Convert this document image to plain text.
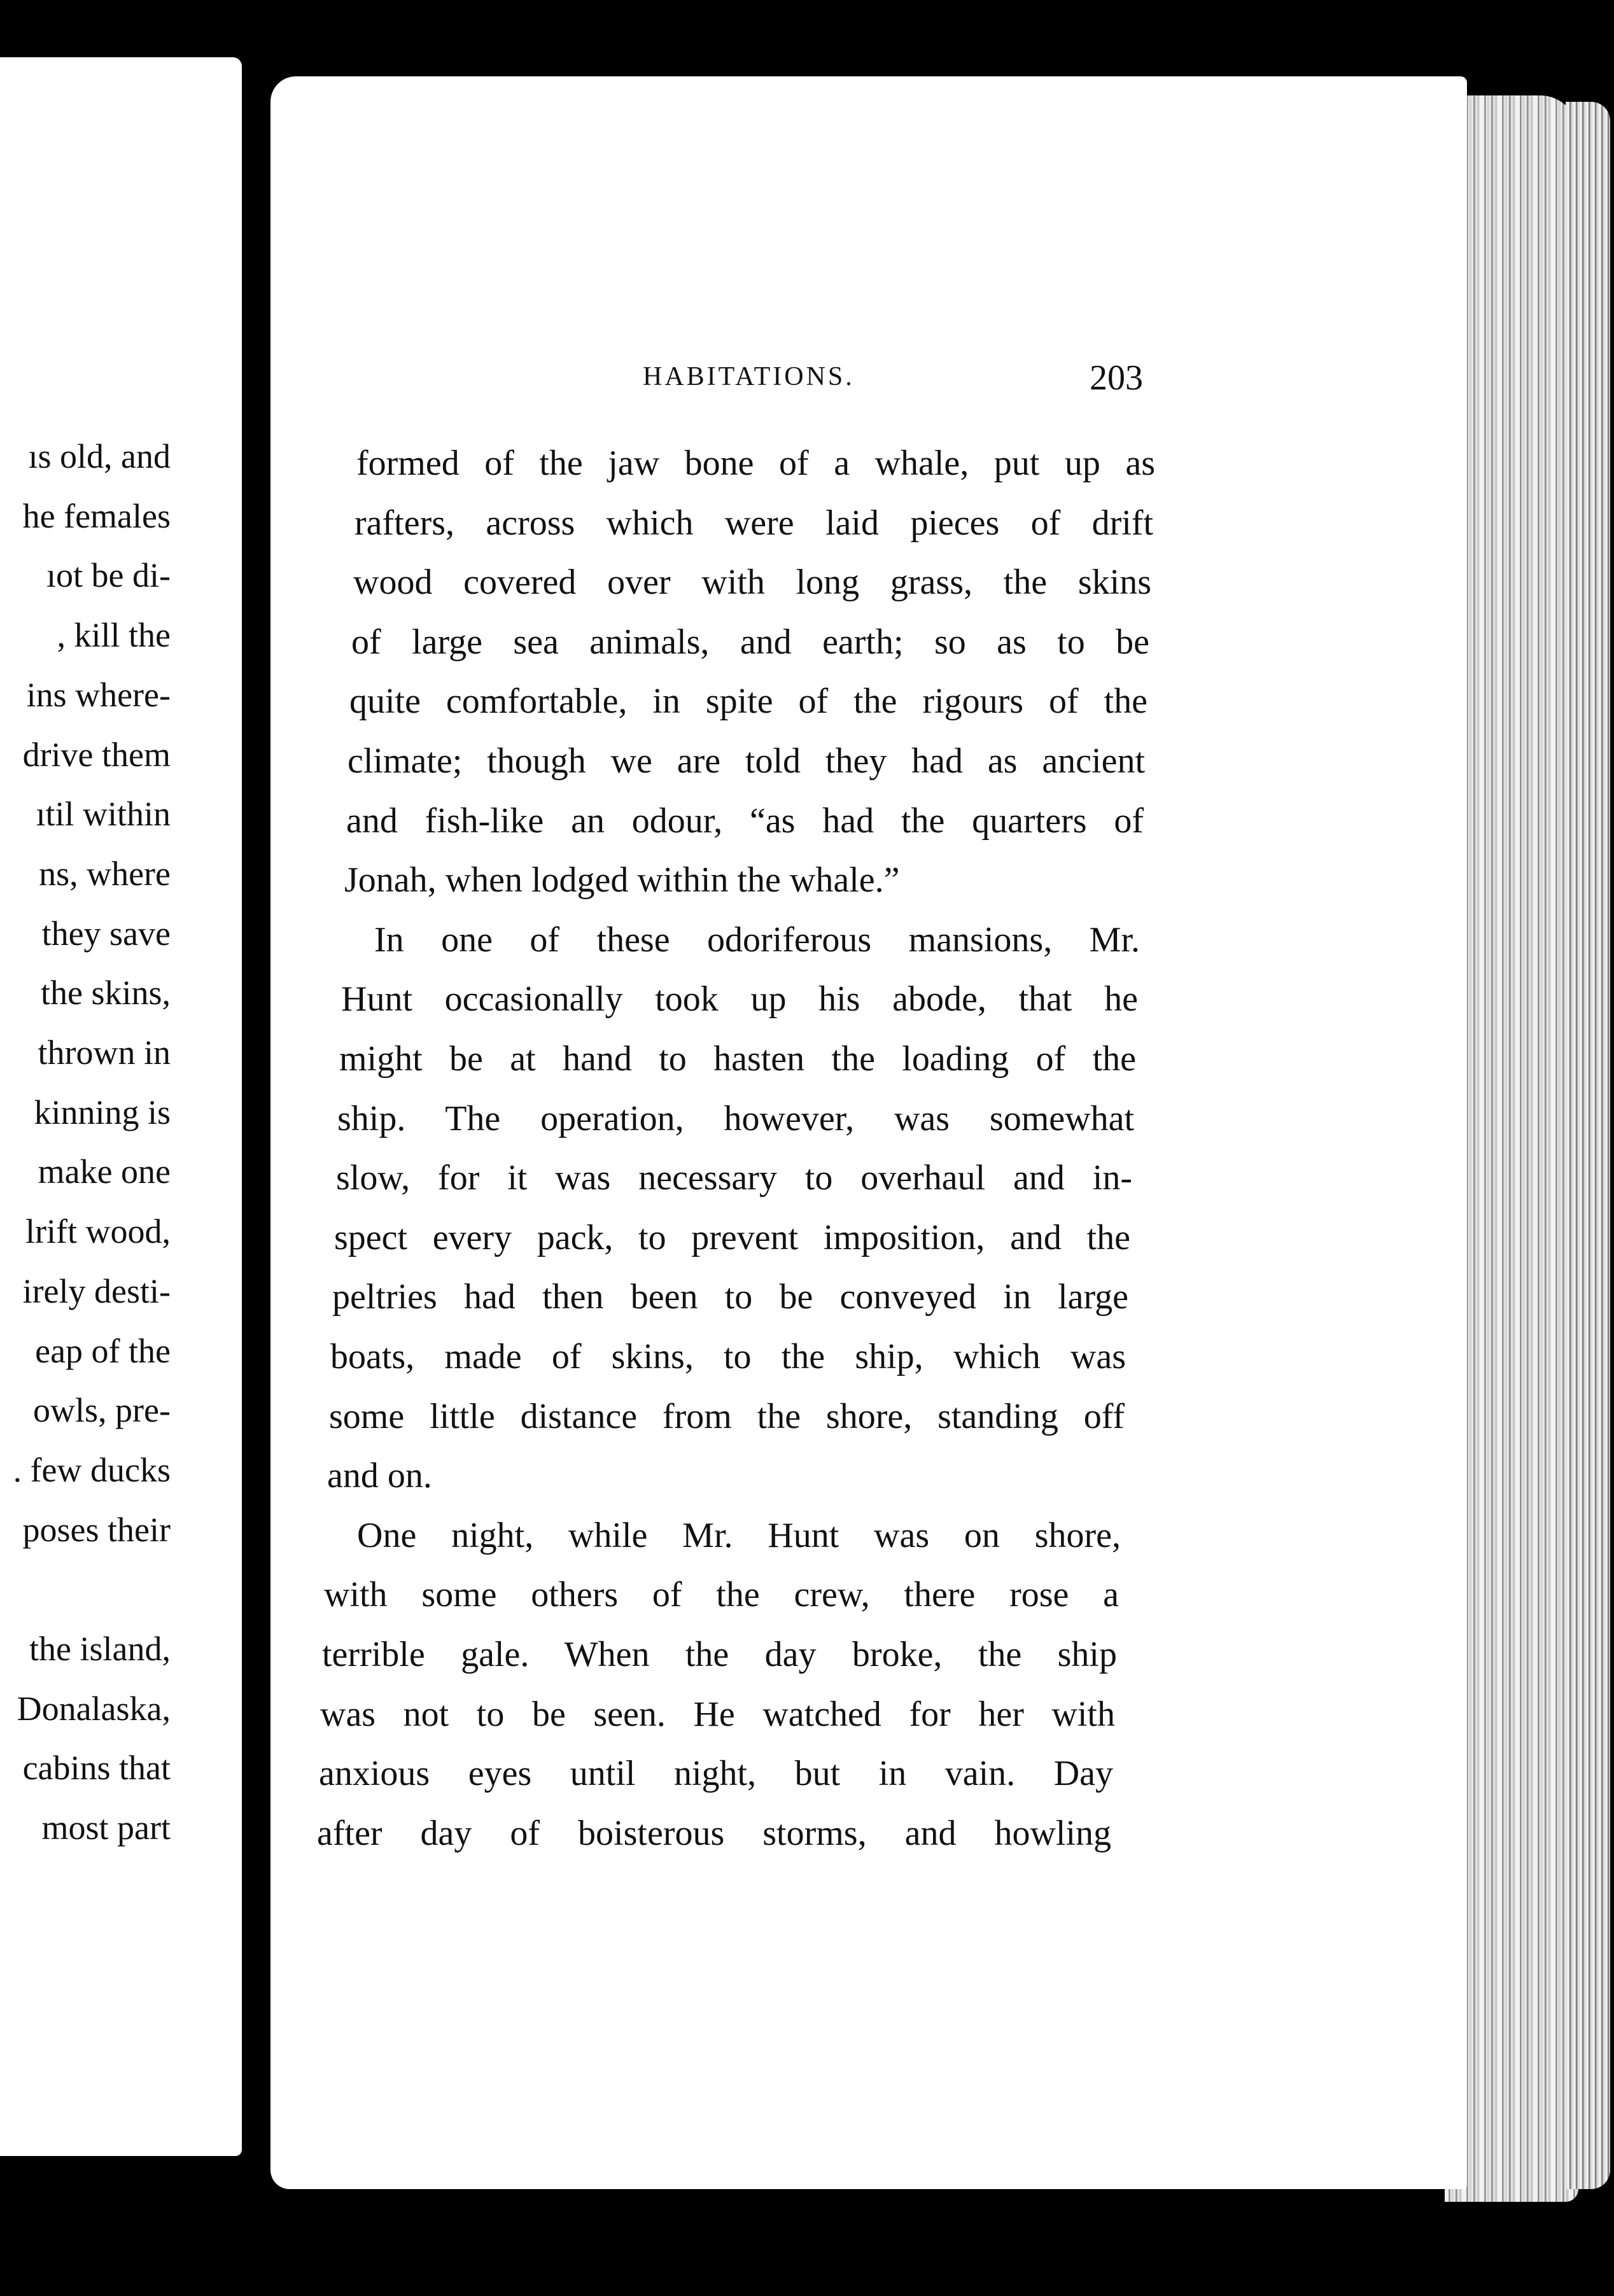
ıs old, and
he females
ıot be di-
, kill the
ins where-
drive them
ıtil within
ns, where
they save
the skins,
thrown in
kinning is
make one
lrift wood,
irely desti-
eap of the
owls, pre-
. few ducks
poses their
the island,
Donalaska,
cabins that
most part
HABITATIONS.	203
formed of the jaw bone of a whale, put up as
rafters, across which were laid pieces of drift
wood covered over with long grass, the skins
of large sea animals, and earth; so as to be
quite comfortable, in spite of the rigours of the
climate; though we are told they had as ancient
and fish-like an odour, “as had the quarters of
Jonah, when lodged within the whale.”
In one of these odoriferous mansions, Mr.
Hunt occasionally took up his abode, that he
might be at hand to hasten the loading of the
ship. The operation, however, was somewhat
slow, for it was necessary to overhaul and in-
spect every pack, to prevent imposition, and the
peltries had then been to be conveyed in large
boats, made of skins, to the ship, which was
some little distance from the shore, standing off
and on.
One night, while Mr. Hunt was on shore,
with some others of the crew, there rose a
terrible gale. When the day broke, the ship
was not to be seen. He watched for her with
anxious eyes until night, but in vain. Day
after day of boisterous storms, and howling
